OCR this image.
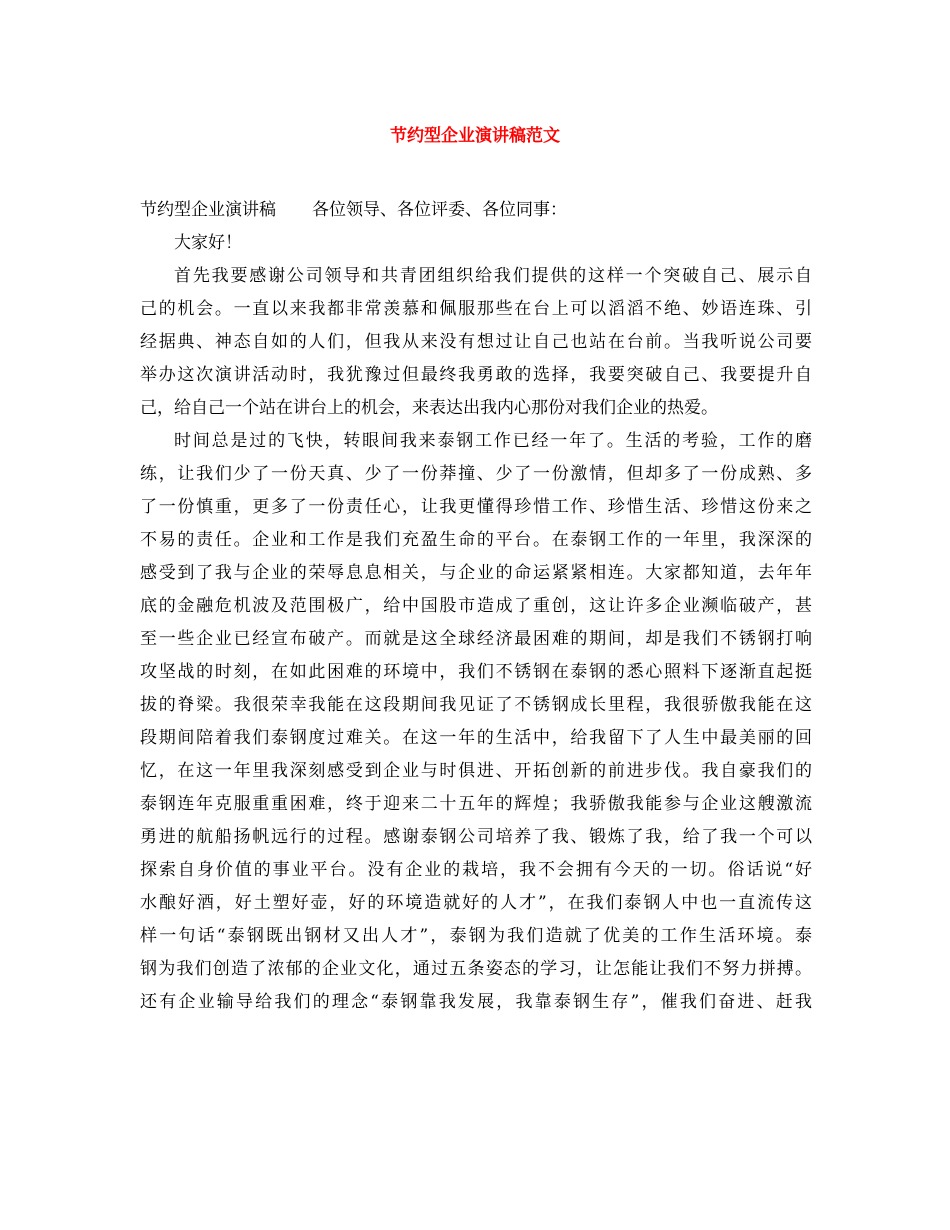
节约型企业演讲稿范文

节约型企业演讲稿 各位领导、各位评委、各位同事：

大家好！

首先我要感谢公司领导和共青团组织给我们提供的这样一个突破自己、展示自

己的机会。一直以来我都非常羡慕和佩服那些在台上可以滔滔不绝、妙语连珠、引

经据典、神态自如的人们，但我从来没有想过让自己也站在台前。当我听说公司要

举办这次演讲活动时，我犹豫过但最终我勇敢的选择，我要突破自己、我要提升自

己，给自己一个站在讲台上的机会，来表达出我内心那份对我们企业的热爱。

时间总是过的飞快，转眼间我来泰钢工作已经一年了。生活的考验，工作的磨

练，让我们少了一份天真、少了一份莽撞、少了一份激情，但却多了一份成熟、多

了一份慎重，更多了一份责任心，让我更懂得珍惜工作、珍惜生活、珍惜这份来之

不易的责任。企业和工作是我们充盈生命的平台。在泰钢工作的一年里，我深深的

感受到了我与企业的荣辱息息相关，与企业的命运紧紧相连。大家都知道，去年年

底的金融危机波及范围极广，给中国股市造成了重创，这让许多企业濒临破产，甚

至一些企业已经宣布破产。而就是这全球经济最困难的期间，却是我们不锈钢打响

攻坚战的时刻，在如此困难的环境中，我们不锈钢在泰钢的悉心照料下逐渐直起挺

拔的脊梁。我很荣幸我能在这段期间我见证了不锈钢成长里程，我很骄傲我能在这

段期间陪着我们泰钢度过难关。在这一年的生活中，给我留下了人生中最美丽的回

忆，在这一年里我深刻感受到企业与时俱进、开拓创新的前进步伐。我自豪我们的

泰钢连年克服重重困难，终于迎来二十五年的辉煌；我骄傲我能参与企业这艘激流

勇进的航船扬帆远行的过程。感谢泰钢公司培养了我、锻炼了我，给了我一个可以

探索自身价值的事业平台。没有企业的栽培，我不会拥有今天的一切。俗话说“好

水酿好酒，好土塑好壶，好的环境造就好的人才”，在我们泰钢人中也一直流传这

样一句话“泰钢既出钢材又出人才”，泰钢为我们造就了优美的工作生活环境。泰

钢为我们创造了浓郁的企业文化，通过五条姿态的学习，让怎能让我们不努力拼搏。

还有企业输导给我们的理念“泰钢靠我发展，我靠泰钢生存”，催我们奋进、赶我
